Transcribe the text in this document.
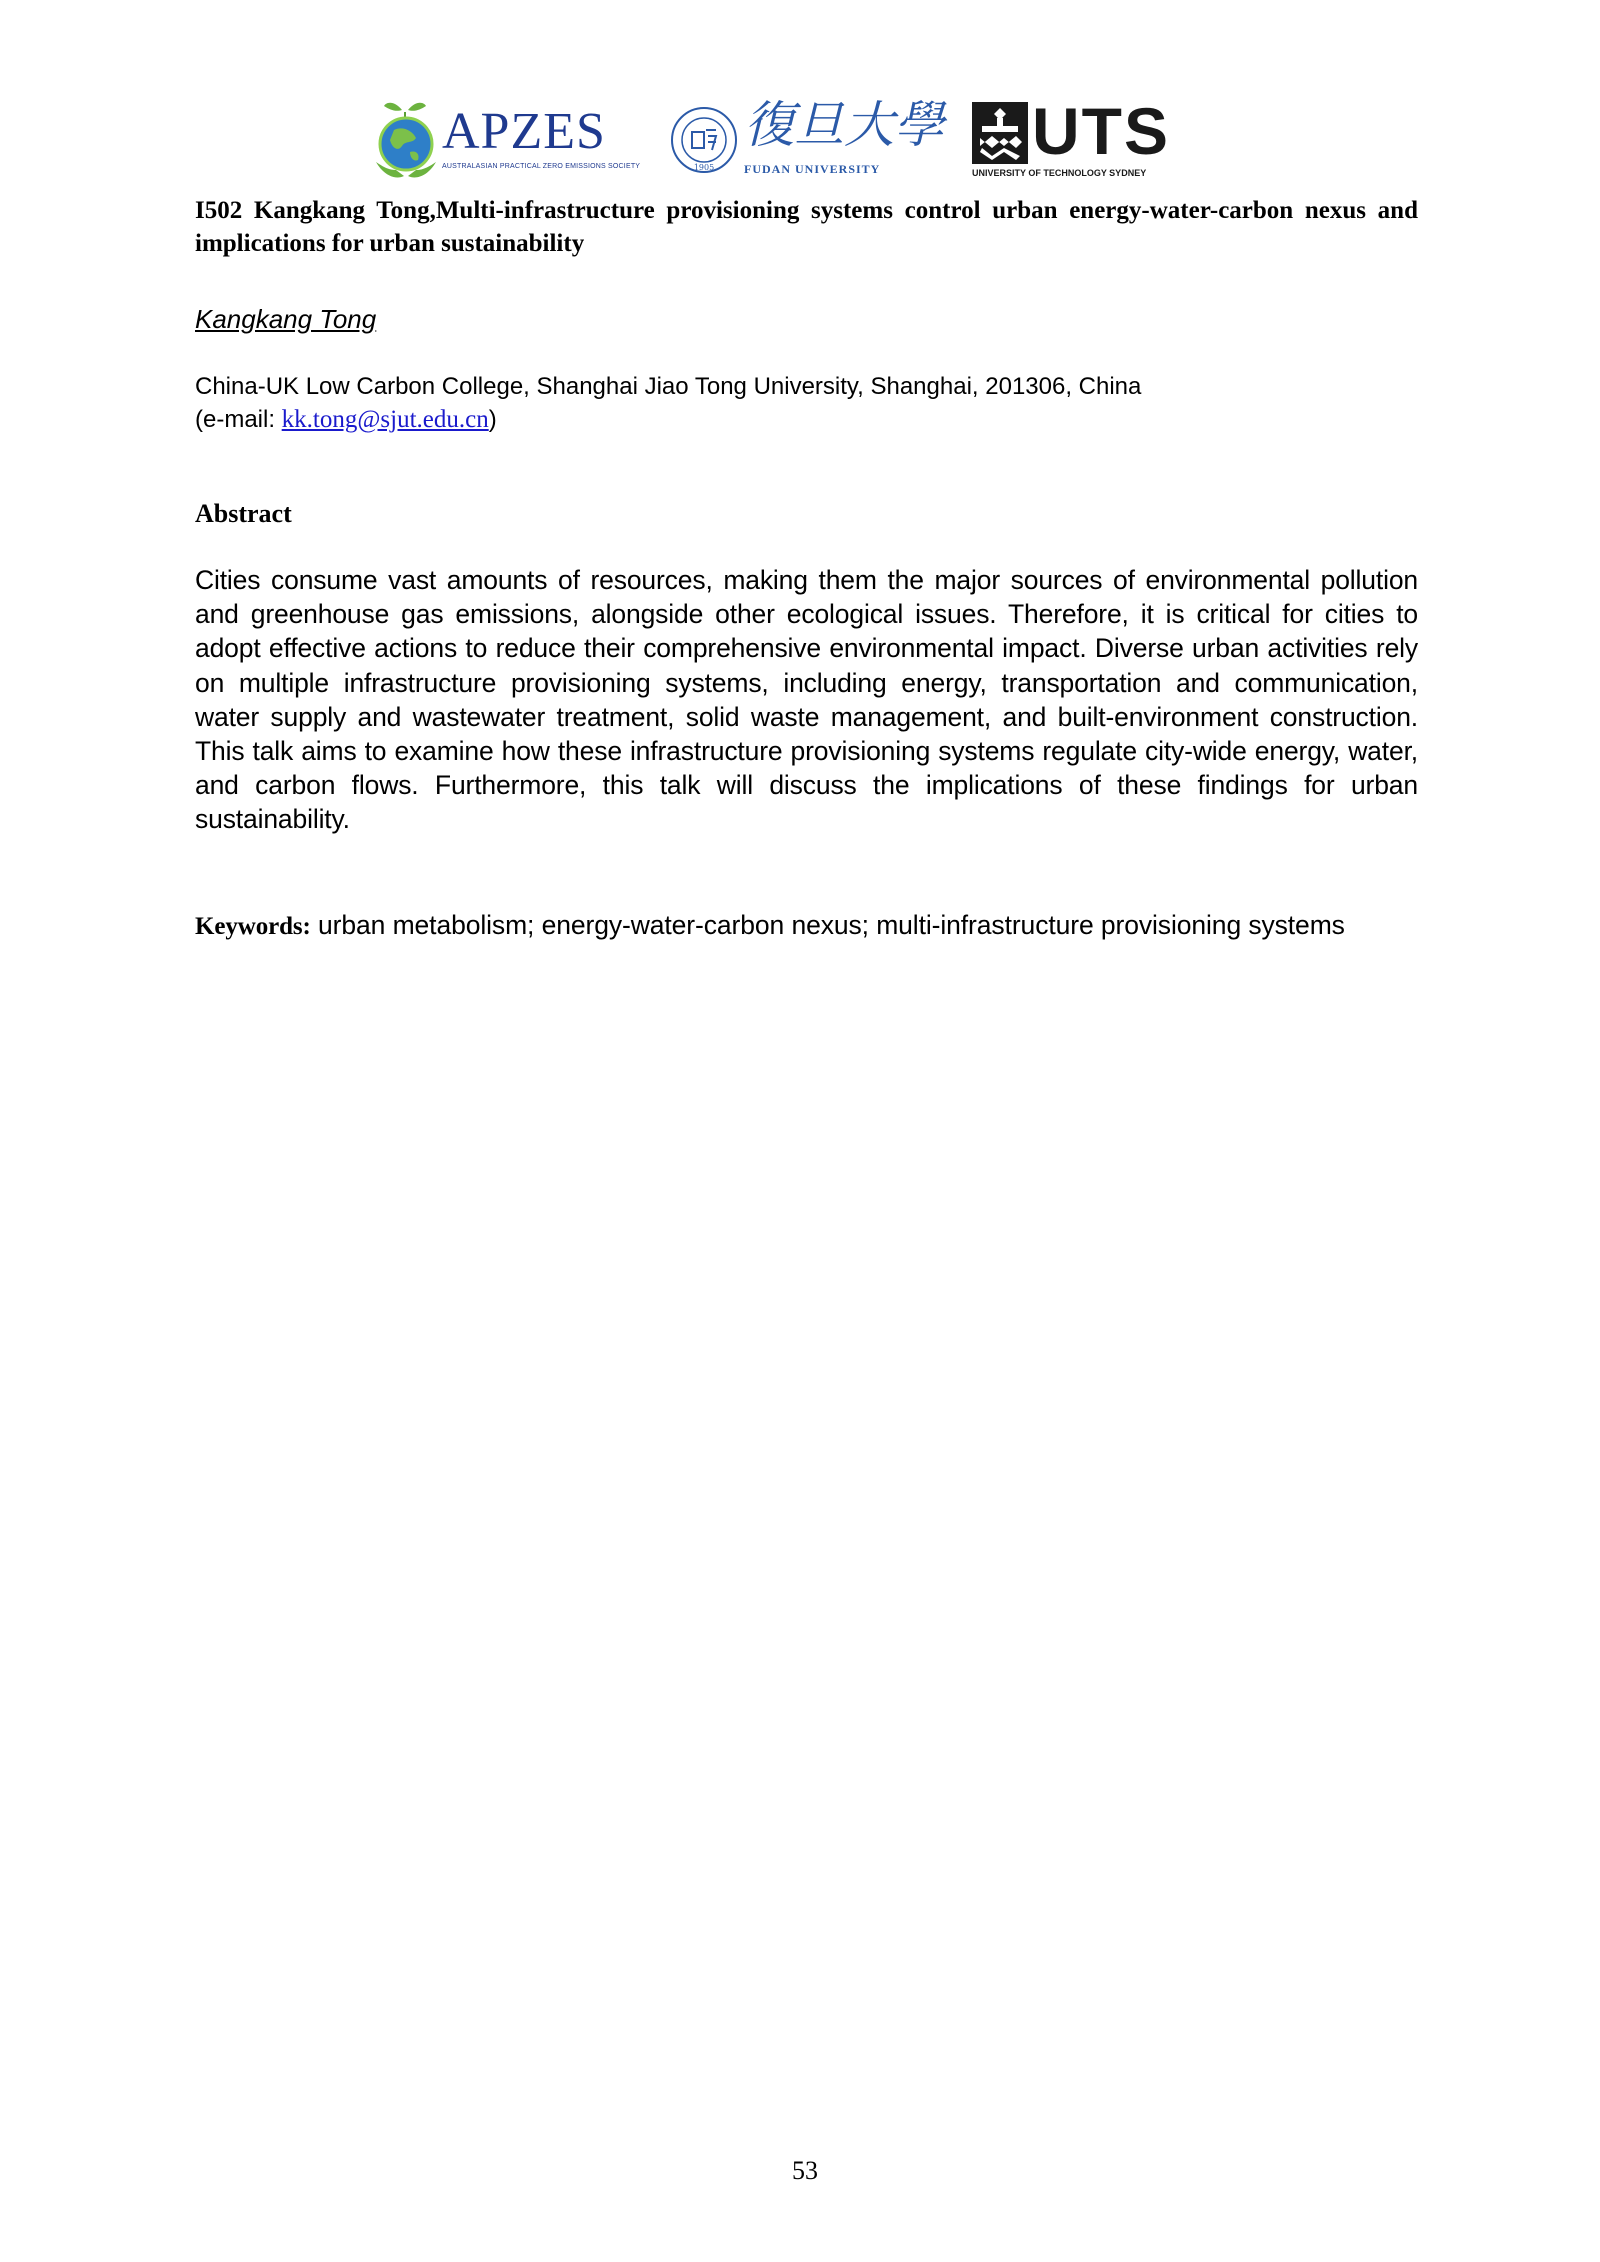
APZES
AUSTRALASIAN PRACTICAL ZERO EMISSIONS SOCIETY	1905
復旦大學
FUDAN UNIVERSITY
UTS
UNIVERSITY OF TECHNOLOGY SYDNEY
I502 Kangkang Tong,Multi-infrastructure provisioning systems control urban energy-water-carbon nexus and implications for urban sustainability
Kangkang Tong
China-UK Low Carbon College, Shanghai Jiao Tong University, Shanghai, 201306, China
(e-mail: kk.tong@sjut.edu.cn)
Abstract
Cities consume vast amounts of resources, making them the major sources of environmental pollution and greenhouse gas emissions, alongside other ecological issues. Therefore, it is critical for cities to adopt effective actions to reduce their comprehensive environmental impact. Diverse urban activities rely on multiple infrastructure provisioning systems, including energy, transportation and communication, water supply and wastewater treatment, solid waste management, and built-environment construction. This talk aims to examine how these infrastructure provisioning systems regulate city-wide energy, water, and carbon flows. Furthermore, this talk will discuss the implications of these findings for urban sustainability.
Keywords: urban metabolism; energy-water-carbon nexus; multi-infrastructure provisioning systems
53
